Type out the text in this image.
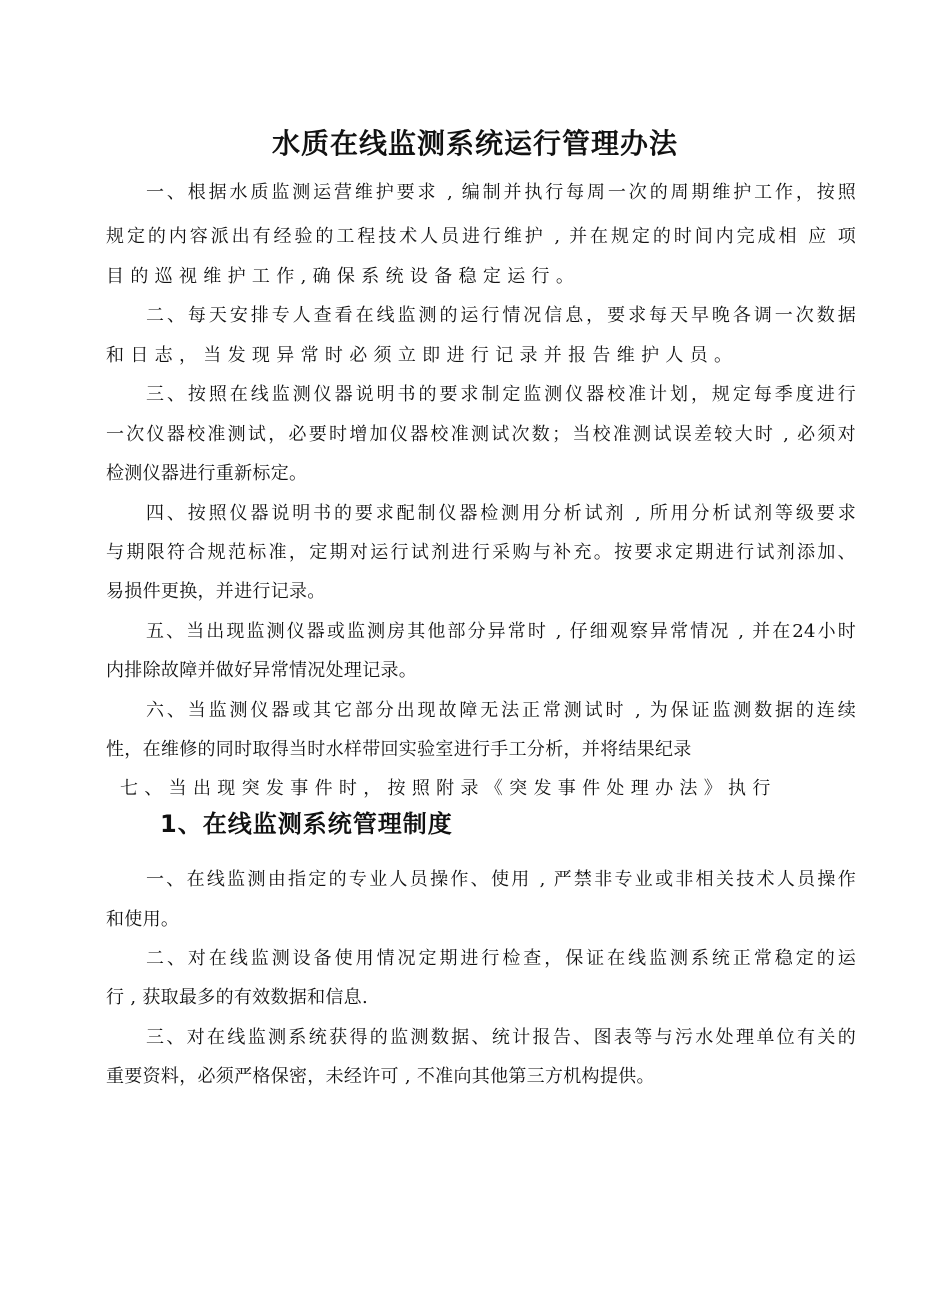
水质在线监测系统运行管理办法
一、根据水质监测运营维护要求 , 编制并执行每周一次的周期维护工作，按照
规定的内容派出有经验的工程技术人员进行维护 , 并在规定的时间内完成相 应 项
目 的 巡 视 维 护 工 作 , 确 保 系 统 设 备 稳 定 运 行 。
二、每天安排专人查看在线监测的运行情况信息，要求每天早晚各调一次数据
和 日 志 ， 当 发 现 异 常 时 必 须 立 即 进 行 记 录 并 报 告 维 护 人 员 。
三、按照在线监测仪器说明书的要求制定监测仪器校准计划，规定每季度进行
一次仪器校准测试，必要时增加仪器校准测试次数；当校准测试误差较大时 , 必须对
检测仪器进行重新标定。
四、按照仪器说明书的要求配制仪器检测用分析试剂 , 所用分析试剂等级要求
与期限符合规范标准，定期对运行试剂进行采购与补充。按要求定期进行试剂添加、
易损件更换，并进行记录。
五、当出现监测仪器或监测房其他部分异常时 , 仔细观察异常情况 , 并在24小时
内排除故障并做好异常情况处理记录。
六、当监测仪器或其它部分出现故障无法正常测试时 , 为保证监测数据的连续
性，在维修的同时取得当时水样带回实验室进行手工分析，并将结果纪录
七 、 当 出 现 突 发 事 件 时 ， 按 照 附 录 《 突 发 事 件 处 理 办 法 》 执 行
1、在线监测系统管理制度
一、在线监测由指定的专业人员操作、使用 , 严禁非专业或非相关技术人员操作
和使用。
二、对在线监测设备使用情况定期进行检查，保证在线监测系统正常稳定的运
行 , 获取最多的有效数据和信息.
三、对在线监测系统获得的监测数据、统计报告、图表等与污水处理单位有关的
重要资料，必须严格保密，未经许可 , 不准向其他第三方机构提供。
